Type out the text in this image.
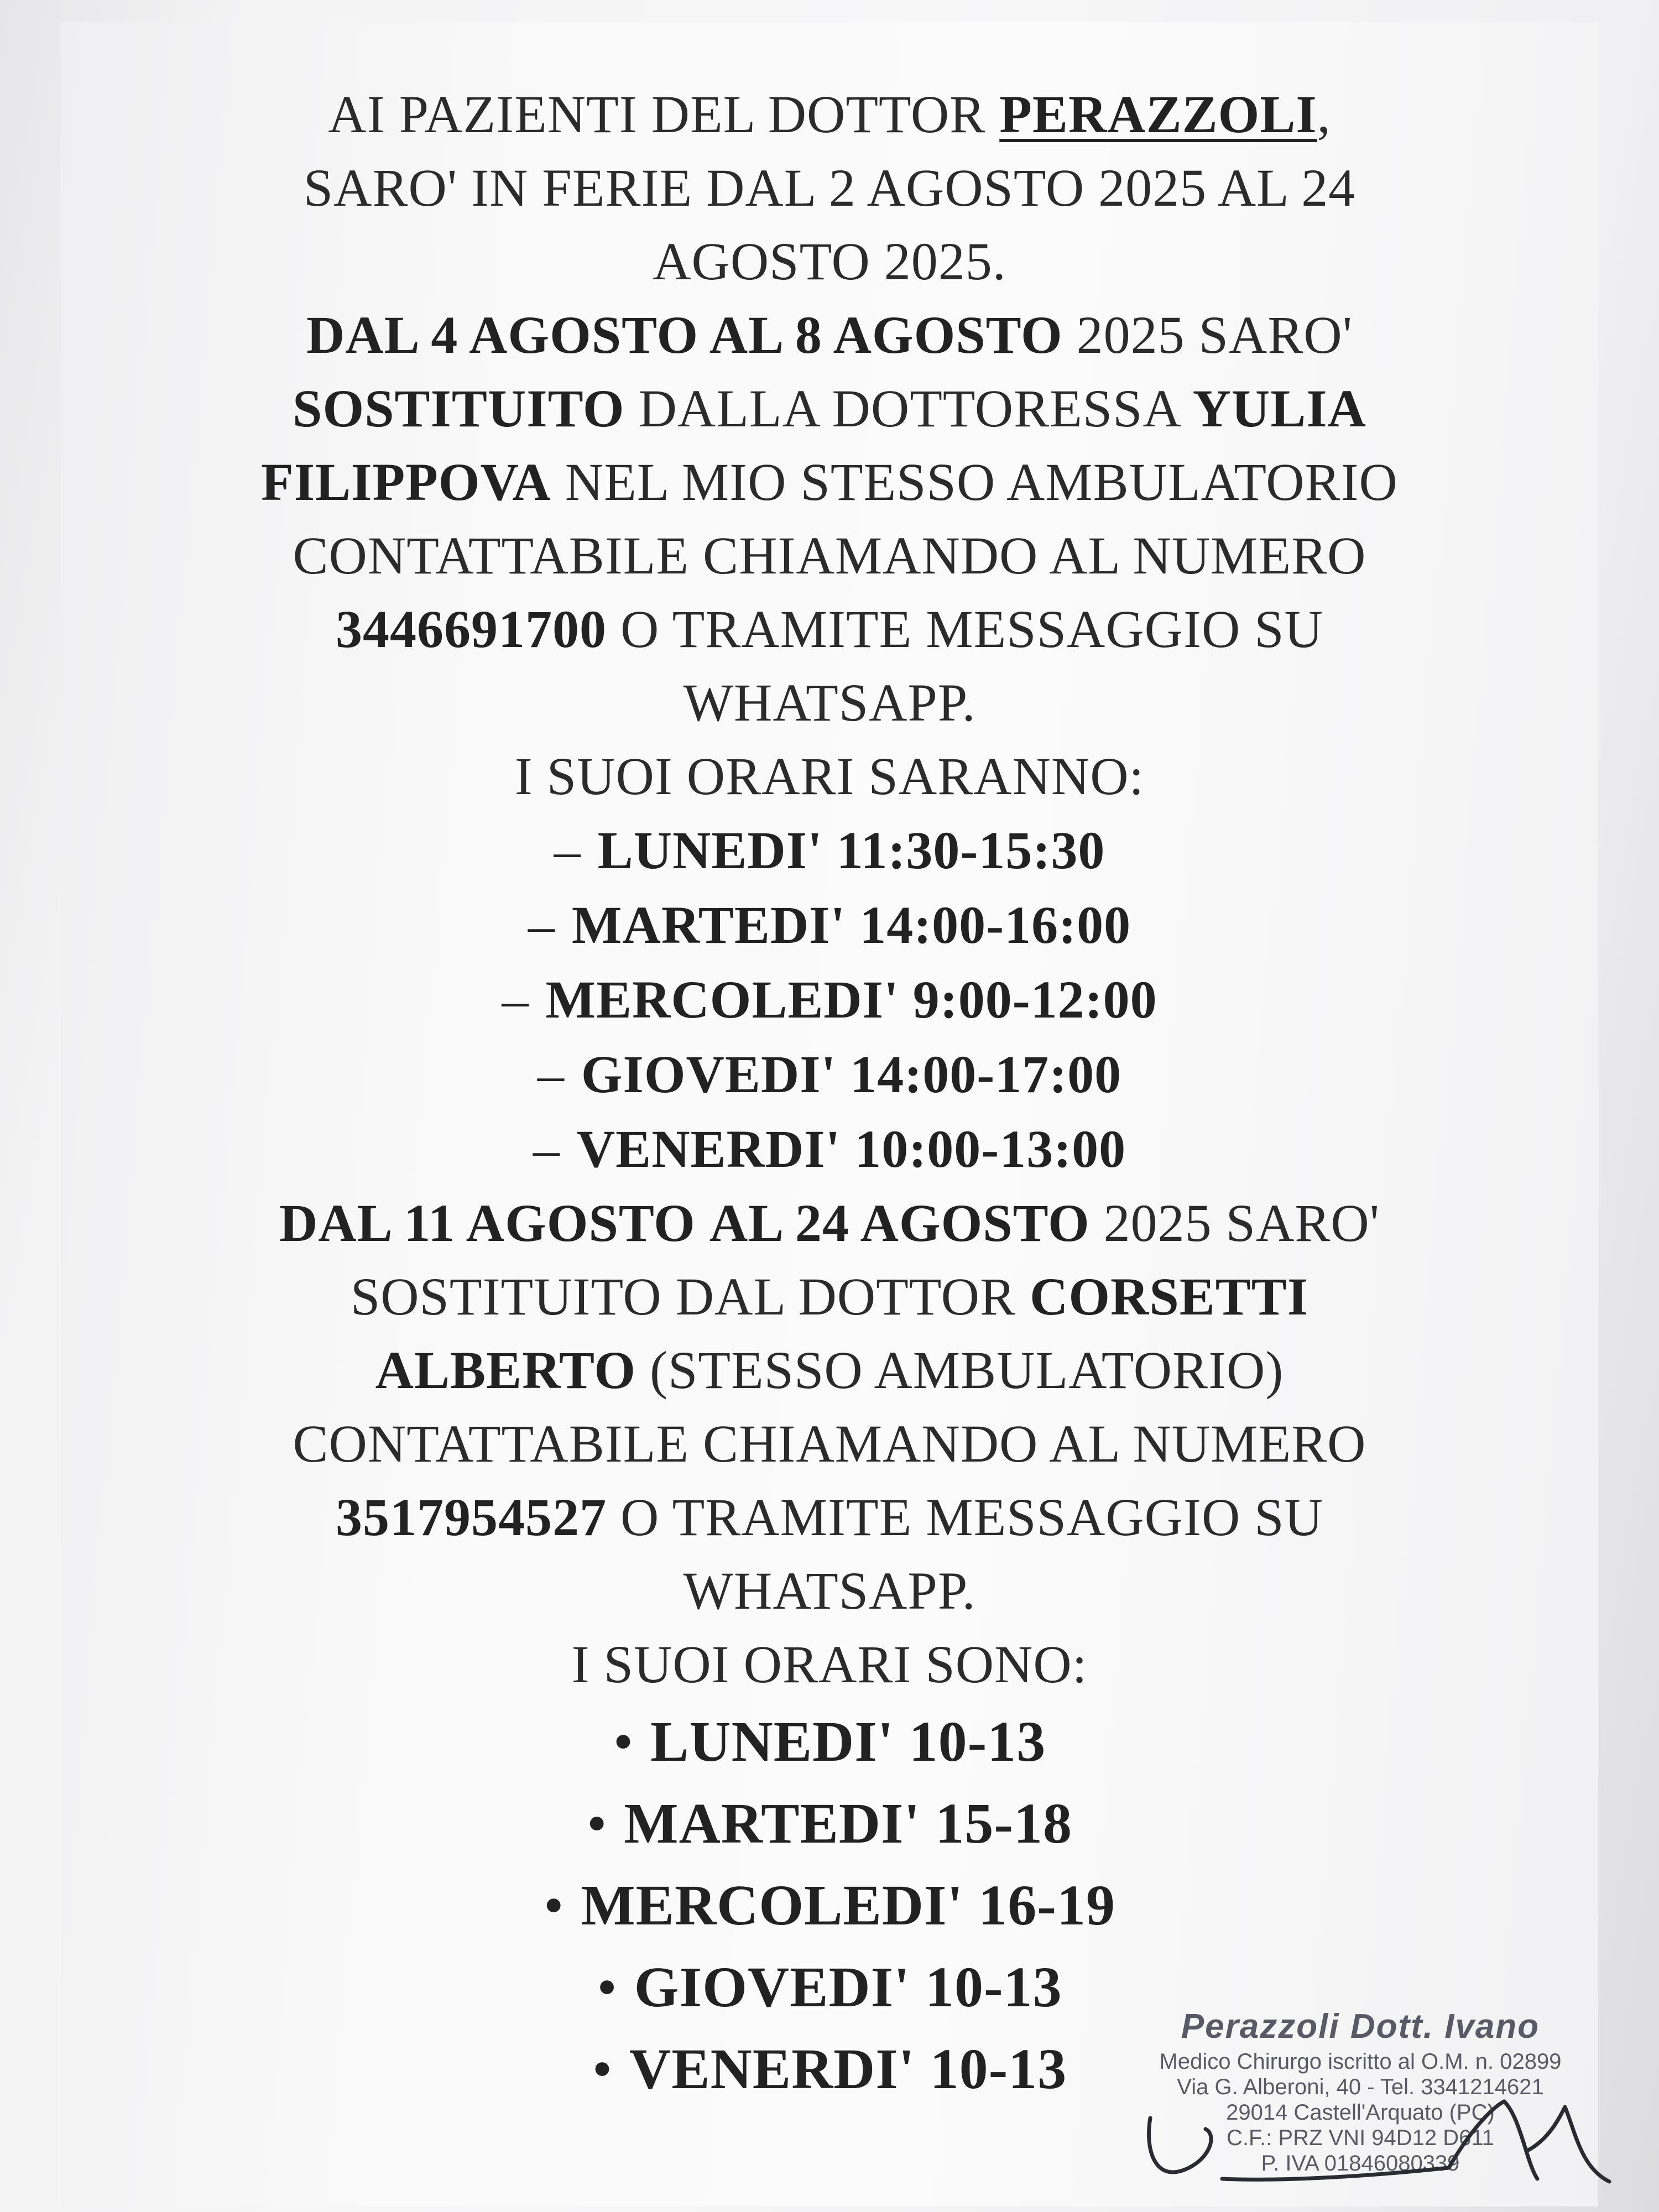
AI PAZIENTI DEL DOTTOR PERAZZOLI,
SARO' IN FERIE DAL 2 AGOSTO 2025 AL 24
AGOSTO 2025.
DAL 4 AGOSTO AL 8 AGOSTO 2025 SARO'
SOSTITUITO DALLA DOTTORESSA YULIA
FILIPPOVA NEL MIO STESSO AMBULATORIO
CONTATTABILE CHIAMANDO AL NUMERO
3446691700 O TRAMITE MESSAGGIO SU
WHATSAPP.
I SUOI ORARI SARANNO:
– LUNEDI' 11:30-15:30
– MARTEDI' 14:00-16:00
– MERCOLEDI' 9:00-12:00
– GIOVEDI' 14:00-17:00
– VENERDI' 10:00-13:00
DAL 11 AGOSTO AL 24 AGOSTO 2025 SARO'
SOSTITUITO DAL DOTTOR CORSETTI
ALBERTO (STESSO AMBULATORIO)
CONTATTABILE CHIAMANDO AL NUMERO
3517954527 O TRAMITE MESSAGGIO SU
WHATSAPP.
I SUOI ORARI SONO:
• LUNEDI' 10-13
• MARTEDI' 15-18
• MERCOLEDI' 16-19
• GIOVEDI' 10-13
• VENERDI' 10-13
Perazzoli Dott. Ivano
Medico Chirurgo iscritto al O.M. n. 02899
Via G. Alberoni, 40 - Tel. 3341214621
29014 Castell'Arquato (PC)
C.F.: PRZ VNI 94D12 D611
P. IVA 01846080339
